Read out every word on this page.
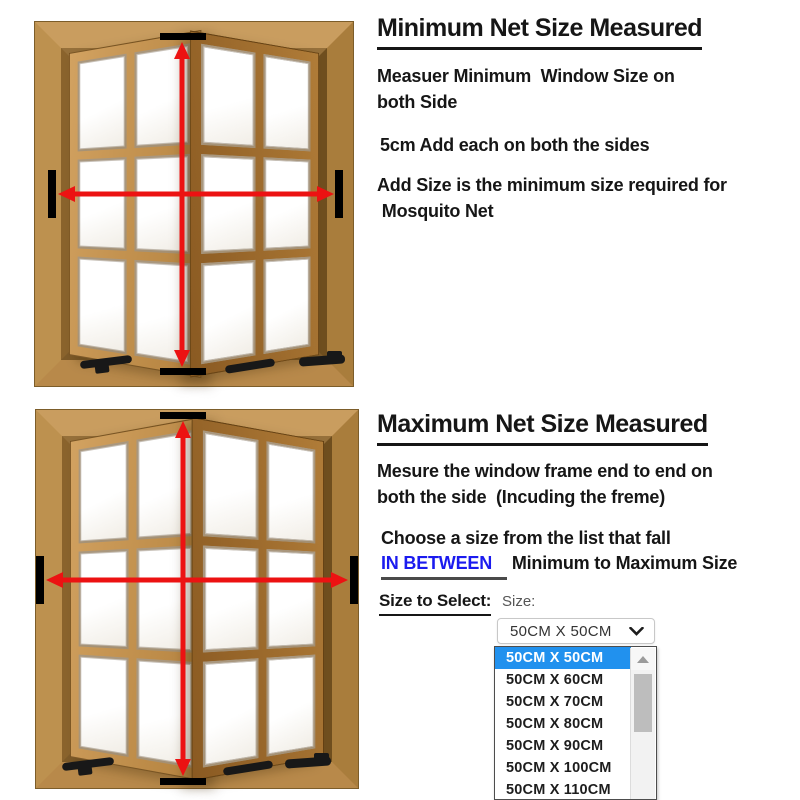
Minimum Net Size Measured
Measuer Minimum  Window Size on
both Side
5cm Add each on both the sides
Add Size is the minimum size required for
Mosquito Net
Maximum Net Size Measured
Mesure the window frame end to end on
both the side  (Incuding the freme)
Choose a size from the list that fall
IN BETWEEN Minimum to Maximum Size
Size to Select: Size:
50CM X 50CM
50CM X 50CM
50CM X 60CM
50CM X 70CM
50CM X 80CM
50CM X 90CM
50CM X 100CM
50CM X 110CM
